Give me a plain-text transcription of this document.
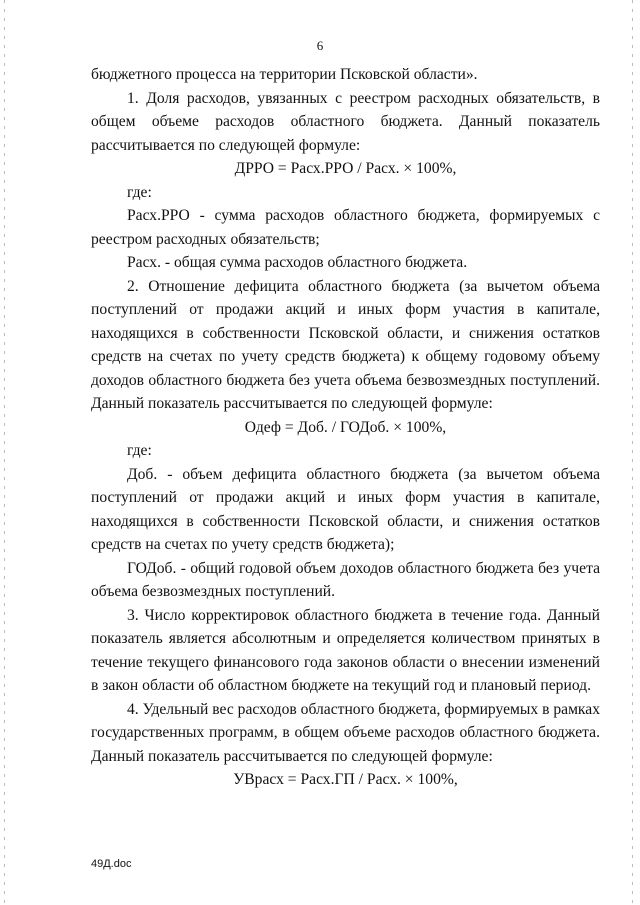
6

бюджетного процесса на территории Псковской области».

1. Доля расходов, увязанных с реестром расходных обязательств, в общем объеме расходов областного бюджета. Данный показатель рассчитывается по следующей формуле:

ДРРО = Расх.РРО / Расх. × 100%,

где:

Расх.РРО - сумма расходов областного бюджета, формируемых с реестром расходных обязательств;

Расх. - общая сумма расходов областного бюджета.

2. Отношение дефицита областного бюджета (за вычетом объема поступлений от продажи акций и иных форм участия в капитале, находящихся в собственности Псковской области, и снижения остатков средств на счетах по учету средств бюджета) к общему годовому объему доходов областного бюджета без учета объема безвозмездных поступлений. Данный показатель рассчитывается по следующей формуле:

Одеф = Доб. / ГОДоб. × 100%,

где:

Доб. - объем дефицита областного бюджета (за вычетом объема поступлений от продажи акций и иных форм участия в капитале, находящихся в собственности Псковской области, и снижения остатков средств на счетах по учету средств бюджета);

ГОДоб. - общий годовой объем доходов областного бюджета без учета объема безвозмездных поступлений.

3. Число корректировок областного бюджета в течение года. Данный показатель является абсолютным и определяется количеством принятых в течение текущего финансового года законов области о внесении изменений в закон области об областном бюджете на текущий год и плановый период.

4. Удельный вес расходов областного бюджета, формируемых в рамках государственных программ, в общем объеме расходов областного бюджета. Данный показатель рассчитывается по следующей формуле:

УВрасх = Расх.ГП / Расх. × 100%,

49Д.doc
